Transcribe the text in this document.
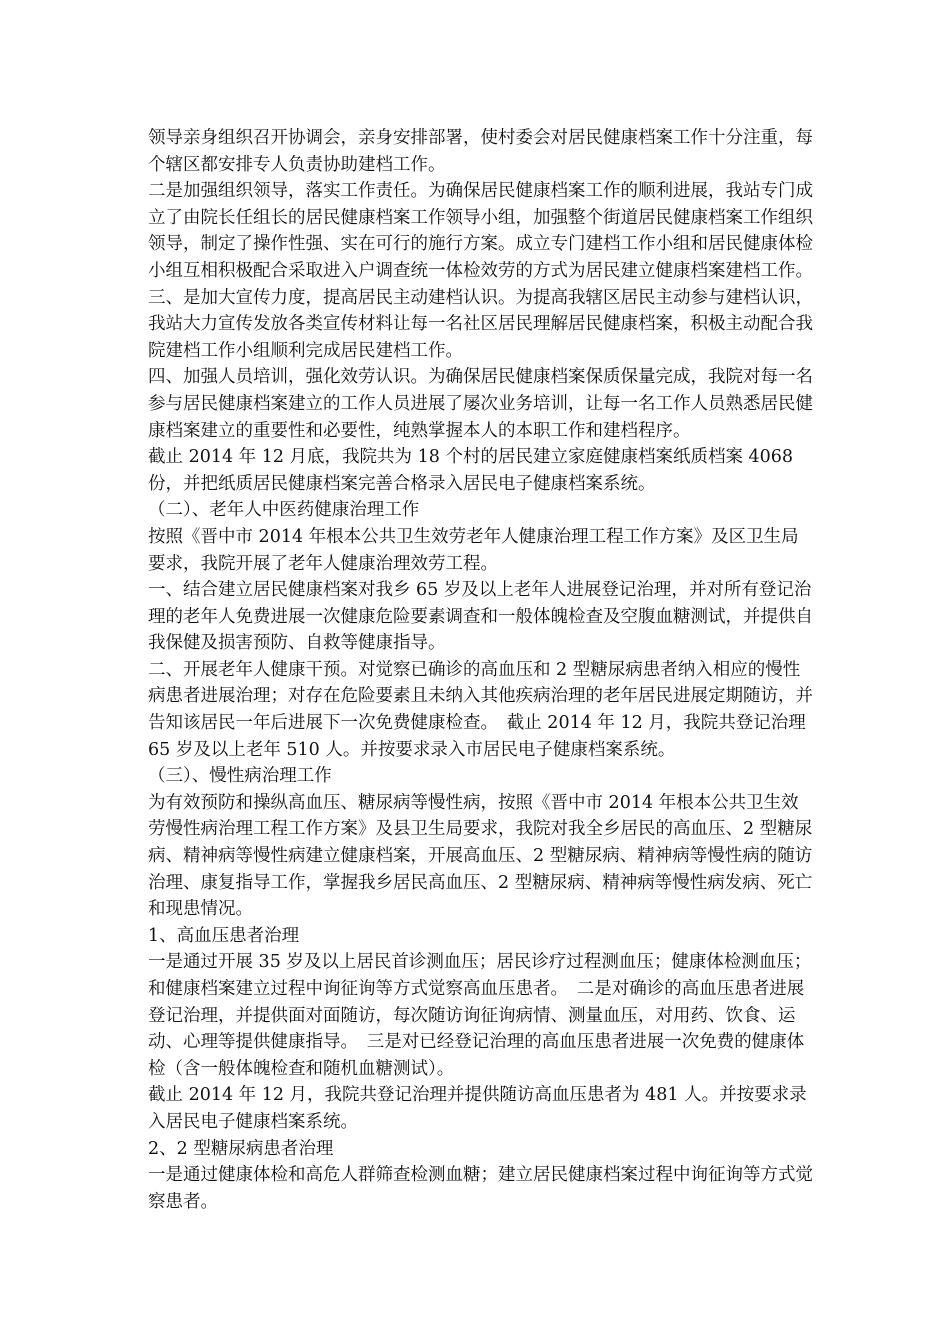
领导亲身组织召开协调会，亲身安排部署，使村委会对居民健康档案工作十分注重，每个辖区都安排专人负责协助建档工作。

二是加强组织领导，落实工作责任。为确保居民健康档案工作的顺利进展，我站专门成立了由院长任组长的居民健康档案工作领导小组，加强整个街道居民健康档案工作组织领导，制定了操作性强、实在可行的施行方案。成立专门建档工作小组和居民健康体检小组互相积极配合采取进入户调查统一体检效劳的方式为居民建立健康档案建档工作。

三、是加大宣传力度，提高居民主动建档认识。为提高我辖区居民主动参与建档认识，我站大力宣传发放各类宣传材料让每一名社区居民理解居民健康档案，积极主动配合我院建档工作小组顺利完成居民建档工作。

四、加强人员培训，强化效劳认识。为确保居民健康档案保质保量完成，我院对每一名参与居民健康档案建立的工作人员进展了屡次业务培训，让每一名工作人员熟悉居民健康档案建立的重要性和必要性，纯熟掌握本人的本职工作和建档程序。

截止 2014 年 12 月底，我院共为 18 个村的居民建立家庭健康档案纸质档案 4068 份，并把纸质居民健康档案完善合格录入居民电子健康档案系统。

（二）、老年人中医药健康治理工作

按照《晋中市 2014 年根本公共卫生效劳老年人健康治理工程工作方案》及区卫生局要求，我院开展了老年人健康治理效劳工程。

一、结合建立居民健康档案对我乡 65 岁及以上老年人进展登记治理，并对所有登记治理的老年人免费进展一次健康危险要素调查和一般体魄检查及空腹血糖测试，并提供自我保健及损害预防、自救等健康指导。

二、开展老年人健康干预。对觉察已确诊的高血压和 2 型糖尿病患者纳入相应的慢性病患者进展治理；对存在危险要素且未纳入其他疾病治理的老年居民进展定期随访，并告知该居民一年后进展下一次免费健康检查。　截止 2014 年 12 月，我院共登记治理 65 岁及以上老年 510 人。并按要求录入市居民电子健康档案系统。

（三）、慢性病治理工作

为有效预防和操纵高血压、糖尿病等慢性病，按照《晋中市 2014 年根本公共卫生效劳慢性病治理工程工作方案》及县卫生局要求，我院对我全乡居民的高血压、2 型糖尿病、精神病等慢性病建立健康档案，开展高血压、2 型糖尿病、精神病等慢性病的随访治理、康复指导工作，掌握我乡居民高血压、2 型糖尿病、精神病等慢性病发病、死亡和现患情况。

1、高血压患者治理

一是通过开展 35 岁及以上居民首诊测血压；居民诊疗过程测血压；健康体检测血压；和健康档案建立过程中询征询等方式觉察高血压患者。　二是对确诊的高血压患者进展登记治理，并提供面对面随访，每次随访询征询病情、测量血压，对用药、饮食、运动、心理等提供健康指导。　三是对已经登记治理的高血压患者进展一次免费的健康体检（含一般体魄检查和随机血糖测试）。

截止 2014 年 12 月，我院共登记治理并提供随访高血压患者为 481 人。并按要求录入居民电子健康档案系统。

2、2 型糖尿病患者治理

一是通过健康体检和高危人群筛查检测血糖；建立居民健康档案过程中询征询等方式觉察患者。
